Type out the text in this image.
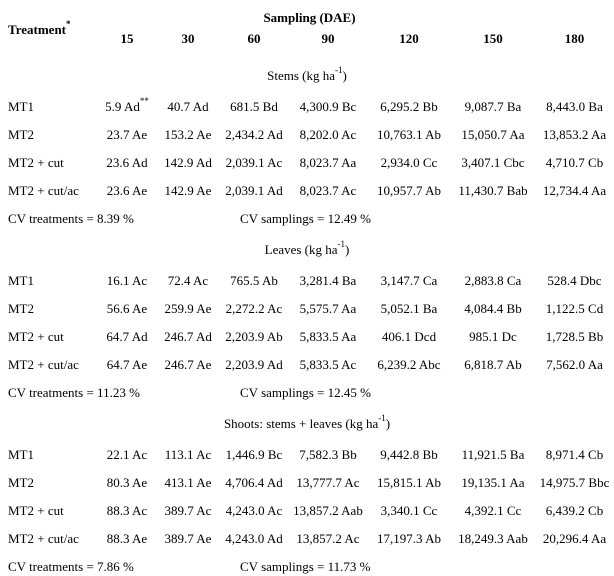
Treatment*	Sampling (DAE)						
	15	30	60	90	120	150	180
Stems (kg $ha^{-1}$)							
MT1	5.9 Ad**	40.7 Ad	681.5 Bd	4,300.9 Bc	6,295.2 Bb	9,087.7 Ba	8,443.0 Ba
MT2	23.7 Ae	153.2 Ae	2,434.2 Ad	8,202.0 Ac	10,763.1 Ab	15,050.7 Aa	13,853.2 Aa
MT2 + cut	23.6 Ad	142.9 Ad	2,039.1 Ac	8,023.7 Aa	2,934.0 Cc	3,407.1 Cbc	4,710.7 Cb
MT2 + cut/ac	23.6 Ae	142.9 Ae	2,039.1 Ad	8,023.7 Ac	10,957.7 Ab	11,430.7 Bab	12,734.4 Aa
CV treatments = 8.39 %			CV samplings = 12.49 %				
Leaves (kg $ha^{-1}$)							
MT1	16.1 Ac	72.4 Ac	765.5 Ab	3,281.4 Ba	3,147.7 Ca	2,883.8 Ca	528.4 Dbc
MT2	56.6 Ae	259.9 Ae	2,272.2 Ac	5,575.7 Aa	5,052.1 Ba	4,084.4 Bb	1,122.5 Cd
MT2 + cut	64.7 Ad	246.7 Ad	2,203.9 Ab	5,833.5 Aa	406.1 Dcd	985.1 Dc	1,728.5 Bb
MT2 + cut/ac	64.7 Ae	246.7 Ae	2,203.9 Ad	5,833.5 Ac	6,239.2 Abc	6,818.7 Ab	7,562.0 Aa
CV treatments = 11.23 %			CV samplings = 12.45 %				
Shoots: stems + leaves (kg $ha^{-1}$)							
MT1	22.1 Ac	113.1 Ac	1,446.9 Bc	7,582.3 Bb	9,442.8 Bb	11,921.5 Ba	8,971.4 Cb
MT2	80.3 Ae	413.1 Ae	4,706.4 Ad	13,777.7 Ac	15,815.1 Ab	19,135.1 Aa	14,975.7 Bbc
MT2 + cut	88.3 Ac	389.7 Ac	4,243.0 Ac	13,857.2 Aab	3,340.1 Cc	4,392.1 Cc	6,439.2 Cb
MT2 + cut/ac	88.3 Ae	389.7 Ae	4,243.0 Ad	13,857.2 Ac	17,197.3 Ab	18,249.3 Aab	20,296.4 Aa
CV treatments = 7.86 %			CV samplings = 11.73 %				
